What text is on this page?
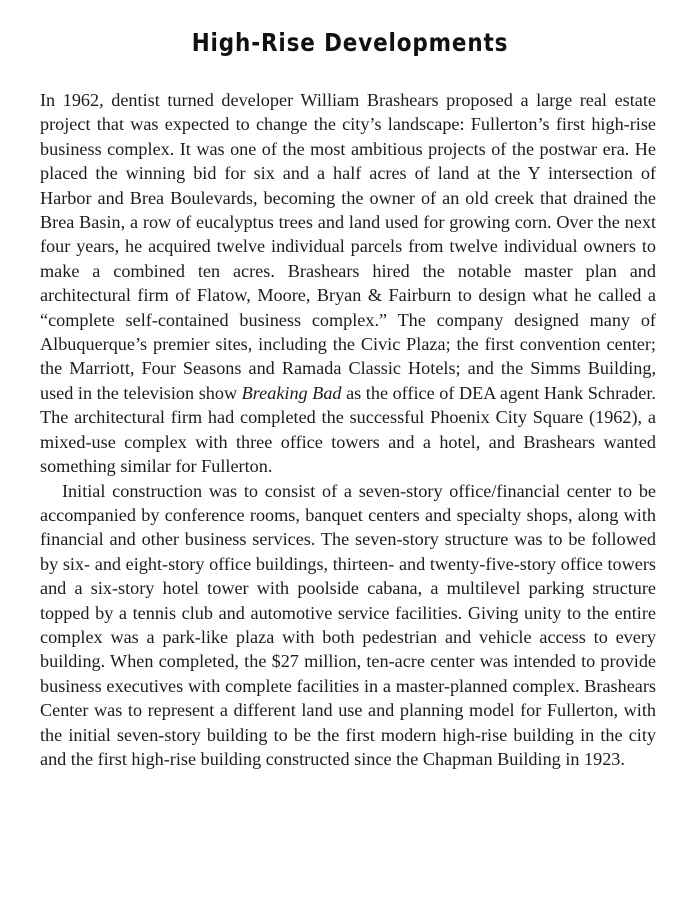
High-Rise Developments

In 1962, dentist turned developer William Brashears proposed a large real estate project that was expected to change the city’s landscape: Fullerton’s first high-rise business complex. It was one of the most ambitious projects of the postwar era. He placed the winning bid for six and a half acres of land at the Y intersection of Harbor and Brea Boulevards, becoming the owner of an old creek that drained the Brea Basin, a row of eucalyptus trees and land used for growing corn. Over the next four years, he acquired twelve individual parcels from twelve individual owners to make a combined ten acres. Brashears hired the notable master plan and architectural firm of Flatow, Moore, Bryan & Fairburn to design what he called a “complete self-contained business complex.” The company designed many of Albuquerque’s premier sites, including the Civic Plaza; the first convention center; the Marriott, Four Seasons and Ramada Classic Hotels; and the Simms Building, used in the television show Breaking Bad as the office of DEA agent Hank Schrader. The architectural firm had completed the successful Phoenix City Square (1962), a mixed-use complex with three office towers and a hotel, and Brashears wanted something similar for Fullerton.

Initial construction was to consist of a seven-story office/financial center to be accompanied by conference rooms, banquet centers and specialty shops, along with financial and other business services. The seven-story structure was to be followed by six- and eight-story office buildings, thirteen- and twenty-five-story office towers and a six-story hotel tower with poolside cabana, a multilevel parking structure topped by a tennis club and automotive service facilities. Giving unity to the entire complex was a park-like plaza with both pedestrian and vehicle access to every building. When completed, the $27 million, ten-acre center was intended to provide business executives with complete facilities in a master-planned complex. Brashears Center was to represent a different land use and planning model for Fullerton, with the initial seven-story building to be the first modern high-rise building in the city and the first high-rise building constructed since the Chapman Building in 1923.
